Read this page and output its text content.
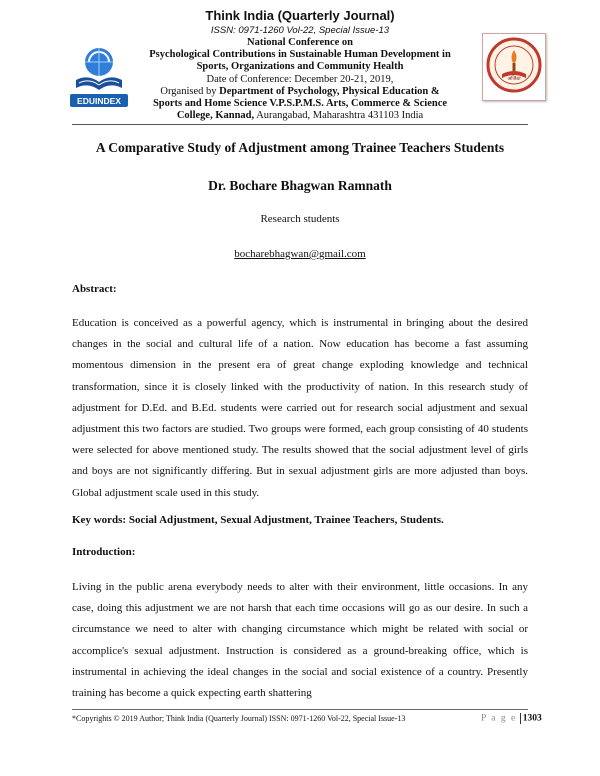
Think India (Quarterly Journal)
ISSN: 0971-1260 Vol-22, Special Issue-13
EDUINDEX
National Conference on
Psychological Contributions in Sustainable Human Development in
Sports, Organizations and Community Health
Date of Conference: December 20-21, 2019,
Organised by Department of Psychology, Physical Education &
Sports and Home Science V.P.S.P.M.S. Arts, Commerce & Science
College, Kannad, Aurangabad, Maharashtra 431103 India
अजिंठा
A Comparative Study of Adjustment among Trainee Teachers Students
Dr. Bochare Bhagwan Ramnath
Research students
bocharebhagwan@gmail.com
Abstract:
Education is conceived as a powerful agency, which is instrumental in bringing about the desired changes in the social and cultural life of a nation. Now education has become a fast assuming momentous dimension in the present era of great change exploding knowledge and technical transformation, since it is closely linked with the productivity of nation. In this research study of adjustment for D.Ed. and B.Ed. students were carried out for research social adjustment and sexual adjustment this two factors are studied. Two groups were formed, each group consisting of 40 students were selected for above mentioned study. The results showed that the social adjustment level of girls and boys are not significantly differing. But in sexual adjustment girls are more adjusted than boys. Global adjustment scale used in this study.
Key words: Social Adjustment, Sexual Adjustment, Trainee Teachers, Students.
Introduction:
Living in the public arena everybody needs to alter with their environment, little occasions. In any case, doing this adjustment we are not harsh that each time occasions will go as our desire. In such a circumstance we need to alter with changing circumstance which might be related with social or accomplice's sexual adjustment. Instruction is considered as a ground-breaking office, which is instrumental in achieving the ideal changes in the social and social existence of a country. Presently training has become a quick expecting earth shattering
*Copyrights © 2019 Author; Think India (Quarterly Journal) ISSN: 0971-1260 Vol-22, Special Issue-13	P a g e 1303
